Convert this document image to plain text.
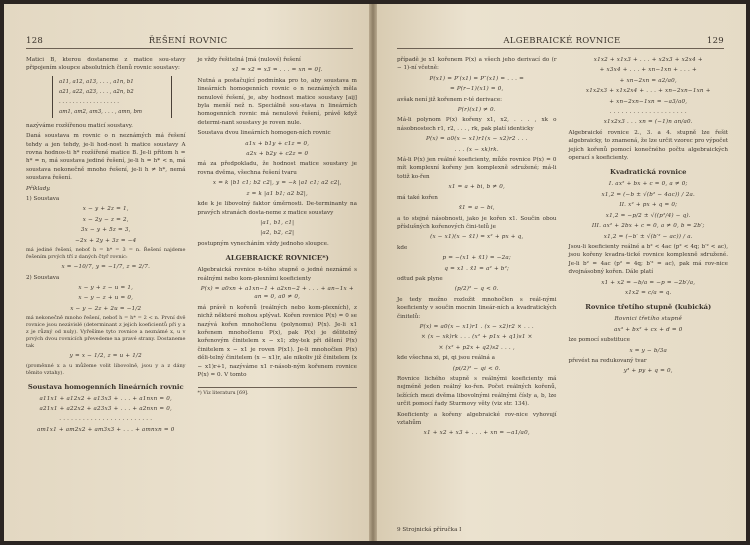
128	ŘEŠENÍ ROVNIC

Matici B, kterou dostaneme z matice sou-stavy připojením sloupce absolutních členů rovnic soustavy:

a11, a12, a13, . . . , a1n, b1
a21, a22, a23, . . . , a2n, b2
. . . . . . . . . . . . . . . . . .
am1, am2, am3, . . . , amn, bm

nazýváme rozšířenou maticí soustavy.

Daná soustava m rovnic o n neznámých má řešení tehdy a jen tehdy, je-li hod-nost h matice soustavy A rovna hodnos-ti h* rozšířené matice B. Je-li přitom h = h* = n, má soustava jediné řešení, je-li h = h* < n, má soustava nekonečně mnoho řešení, je-li h ≠ h*, nemá soustava řešení.

Příklady.

1) Soustava

x − y + 2z = 1,

x − 2y − z = 2,

3x − y + 5z = 3,

−2x + 2y + 3z = −4

má jediné řešení, neboť h = h* = 3 = n. Řešení najdeme řešením prvých tří z daných čtyř rovnic:

x = −10/7, y = −1/7, z = 2/7.

2) Soustava

x − y + z − u = 1,

x − y − z + u = 0,

x − y − 2z + 2u = −1/2

má nekonečně mnoho řešení, neboť h = h* = 2 < n. První dvě rovnice jsou nezávislé (determinant z jejich koeficientů při y a z je různý od nuly). Vyřešíme tyto rovnice a neznámé x, u v prvých dvou rovnicích převedeme na pravé strany. Dostaneme tak

y = x − 1/2, z = u + 1/2

(proměnné x a u můžeme volit libovolně, jsou y a z dány těmito vztahy).

Soustava homogenních lineárních rovnic

a11x1 + a12x2 + a13x3 + . . . + a1nxn = 0,

a21x1 + a22x2 + a23x3 + . . . + a2nxn = 0,

. . . . . . . . . . . . . . . . . . . . . . . .

am1x1 + am2x2 + am3x3 + . . . + amnxn = 0

je vždy řešitelná [má (nulové) řešení

x1 = x2 = x3 = . . . = xn = 0].

Nutná a postačující podmínka pro to, aby soustava m lineárních homogenních rovnic o n neznámých měla nenulové řešení, je, aby hodnost matice soustavy [aij] byla menší než n. Speciálně sou-stava n lineárních homogenních rovnic má nenulové řešení, právě když determi-nant soustavy je roven nule.

Soustava dvou lineárních homogen-ních rovnic

a1x + b1y + c1z = 0,

a2x + b2y + c2z = 0

má za předpokladu, že hodnost matice soustavy je rovna dvěma, všechna řešení tvaru

x = k |b1 c1; b2 c2|, y = −k |a1 c1; a2 c2|,

z = k |a1 b1; a2 b2|,

kde k je libovolný faktor úměrnosti. De-terminanty na pravých stranách dosta-neme z matice soustavy

|a1, b1, c1|

|a2, b2, c2|

postupným vynecháním vždy jednoho sloupce.

ALGEBRAICKÉ ROVNICE*)

Algebraická rovnice n-tého stupně o jedné neznámé s reálnými nebo kom-plexními koeficienty

P(x) = a0xn + a1xn−1 + a2xn−2 + . . . + an−1x + an = 0, a0 ≠ 0,

má právě n kořenů (reálných nebo kom-plexních), z nichž některé mohou splývat. Kořen rovnice P(x) = 0 se nazývá kořen mnohočlenu (polynomu) P(x). Je-li x1 kořenem mnohočlenu P(x), pak P(x) je dělitelný kořenovým činitelem x − x1; zby-tek při dělení P(x) činitelem x − x1 je roven P(x1). Je-li mnohočlen P(x) děli-telný činitelem (x − x1)r, ale nikoliv již činitelem (x − x1)r+1, nazýváme x1 r-násob-ným kořenem rovnice P(x) = 0. V tomto

*) Viz literaturu [69].

ALGEBRAICKÉ ROVNICE	129

případě je x1 kořenem P(x) a všech jeho derivací do (r − 1)-ní včetně:

P(x1) = P′(x1) = P″(x1) = . . . =

= P(r−1)(x1) = 0,

avšak není již kořenem r-té derivace:

P(r)(x1) ≠ 0.

Má-li polynom P(x) kořeny x1, x2, . . . , xk o násobnostech r1, r2, . . . , rk, pak platí identicky

P(x) = a0(x − x1)r1(x − x2)r2 . . .

. . . (x − xk)rk.

Má-li P(x) jen reálné koeficienty, může rovnice P(x) = 0 mít komplexní kořeny jen komplexně sdružené; má-li totiž ko-řen

x1 = a + bi, b ≠ 0,

má také kořen

x̄1 = a − bi,

a to stejné násobnosti, jako je kořen x1. Součin obou příslušných kořenových čini-telů je

(x − x1)(x − x̄1) = x² + px + q,

kde

p = −(x1 + x̄1) = −2a;

q = x1 . x̄1 = a² + b²;

odtud pak plyne

(p/2)² − q < 0.

Je tedy možno rozložit mnohočlen s reál-nými koeficienty v součin mocnin lineár-ních a kvadratických činitelů:

P(x) = a0(x − x1)r1 . (x − x2)r2 × . . .

× (x − xk)rk . . . (x² + p1x + q1)s1 ×

× (x² + p2x + q2)s2 . . . ,

kde všechna xi, pi, qi jsou reálná a

(pi/2)² − qi < 0.

Rovnice lichého stupně s reálnými koeficienty má nejméně jeden reálný ko-řen. Počet reálných kořenů, ležících mezi dvěma libovolnými reálnými čísly a, b, lze určit pomocí řady Sturmovy věty (viz str. 134).

Koeficienty a kořeny algebraické rov-nice vyhovují vztahům

x1 + x2 + x3 + . . . + xn = −a1/a0,

x1x2 + x1x3 + . . . + x2x3 + x2x4 +

+ x3x4 + . . . + xn−1xn + . . . +

+ xn−2xn = a2/a0,

x1x2x3 + x1x2x4 + . . . + xn−2xn−1xn +

+ xn−2xn−1xn = −a3/a0,

. . . . . . . . . . . . . . . . . . . .

x1x2x3 . . . xn = (−1)n an/a0.

Algebraické rovnice 2., 3. a 4. stupně lze řešit algebraicky, to znamená, že lze určit vzorec pro výpočet jejích kořenů pomocí konečného počtu algebraických operací s koeficienty.

Kvadratická rovnice

I. ax² + bx + c = 0, a ≠ 0;

x1,2 = (−b ± √(b² − 4ac)) / 2a.

II. x² + px + q = 0;

x1,2 = −p/2 ± √((p²/4) − q).

III. ax² + 2bx + c = 0, a ≠ 0, b = 2b′;

x1,2 = (−b′ ± √(b′² − ac)) / a.

Jsou-li koeficienty reálné a b² < 4ac (p² < 4q; b′² < ac), jsou kořeny kvadra-tické rovnice komplexně sdružené. Je-li b² = 4ac (p² = 4q; b′² = ac), pak má rov-nice dvojnásobný kořen. Dále platí

x1 + x2 = −b/a = −p = −2b′/a,

x1x2 = c/a = q.

Rovnice třetího stupně (kubická)

Rovnici třetího stupně

ax³ + bx² + cx + d = 0

lze pomocí substituce

x = y − b/3a

převést na redukovaný tvar

y³ + py + q = 0,

9 Strojnická příručka I
